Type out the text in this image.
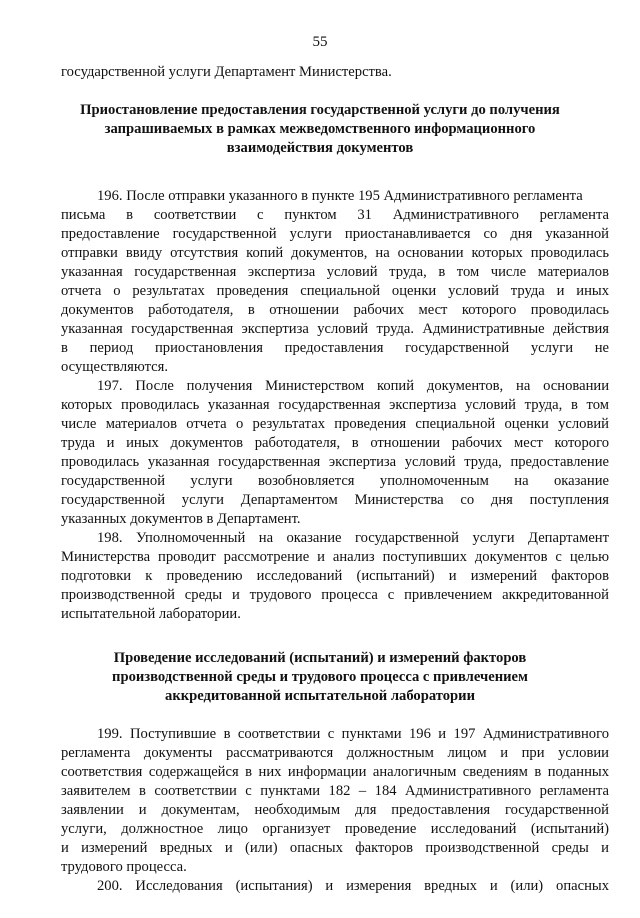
55
государственной услуги Департамент Министерства.
Приостановление предоставления государственной услуги до получения
запрашиваемых в рамках межведомственного информационного
взаимодействия документов
196. После отправки указанного в пункте 195 Административного регламента
письма в соответствии с пунктом 31 Административного регламента
предоставление государственной услуги приостанавливается со дня указанной
отправки ввиду отсутствия копий документов, на основании которых проводилась
указанная государственная экспертиза условий труда, в том числе материалов
отчета о результатах проведения специальной оценки условий труда и иных
документов работодателя, в отношении рабочих мест которого проводилась
указанная государственная экспертиза условий труда. Административные действия
в период приостановления предоставления государственной услуги не
осуществляются.
197. После получения Министерством копий документов, на основании
которых проводилась указанная государственная экспертиза условий труда, в том
числе материалов отчета о результатах проведения специальной оценки условий
труда и иных документов работодателя, в отношении рабочих мест которого
проводилась указанная государственная экспертиза условий труда, предоставление
государственной услуги возобновляется уполномоченным на оказание
государственной услуги Департаментом Министерства со дня поступления
указанных документов в Департамент.
198. Уполномоченный на оказание государственной услуги Департамент
Министерства проводит рассмотрение и анализ поступивших документов с целью
подготовки к проведению исследований (испытаний) и измерений факторов
производственной среды и трудового процесса с привлечением аккредитованной
испытательной лаборатории.
Проведение исследований (испытаний) и измерений факторов
производственной среды и трудового процесса с привлечением
аккредитованной испытательной лаборатории
199. Поступившие в соответствии с пунктами 196 и 197 Административного
регламента документы рассматриваются должностным лицом и при условии
соответствия содержащейся в них информации аналогичным сведениям в поданных
заявителем в соответствии с пунктами 182 – 184 Административного регламента
заявлении и документам, необходимым для предоставления государственной
услуги, должностное лицо организует проведение исследований (испытаний)
и измерений вредных и (или) опасных факторов производственной среды и
трудового процесса.
200. Исследования (испытания) и измерения вредных и (или) опасных
